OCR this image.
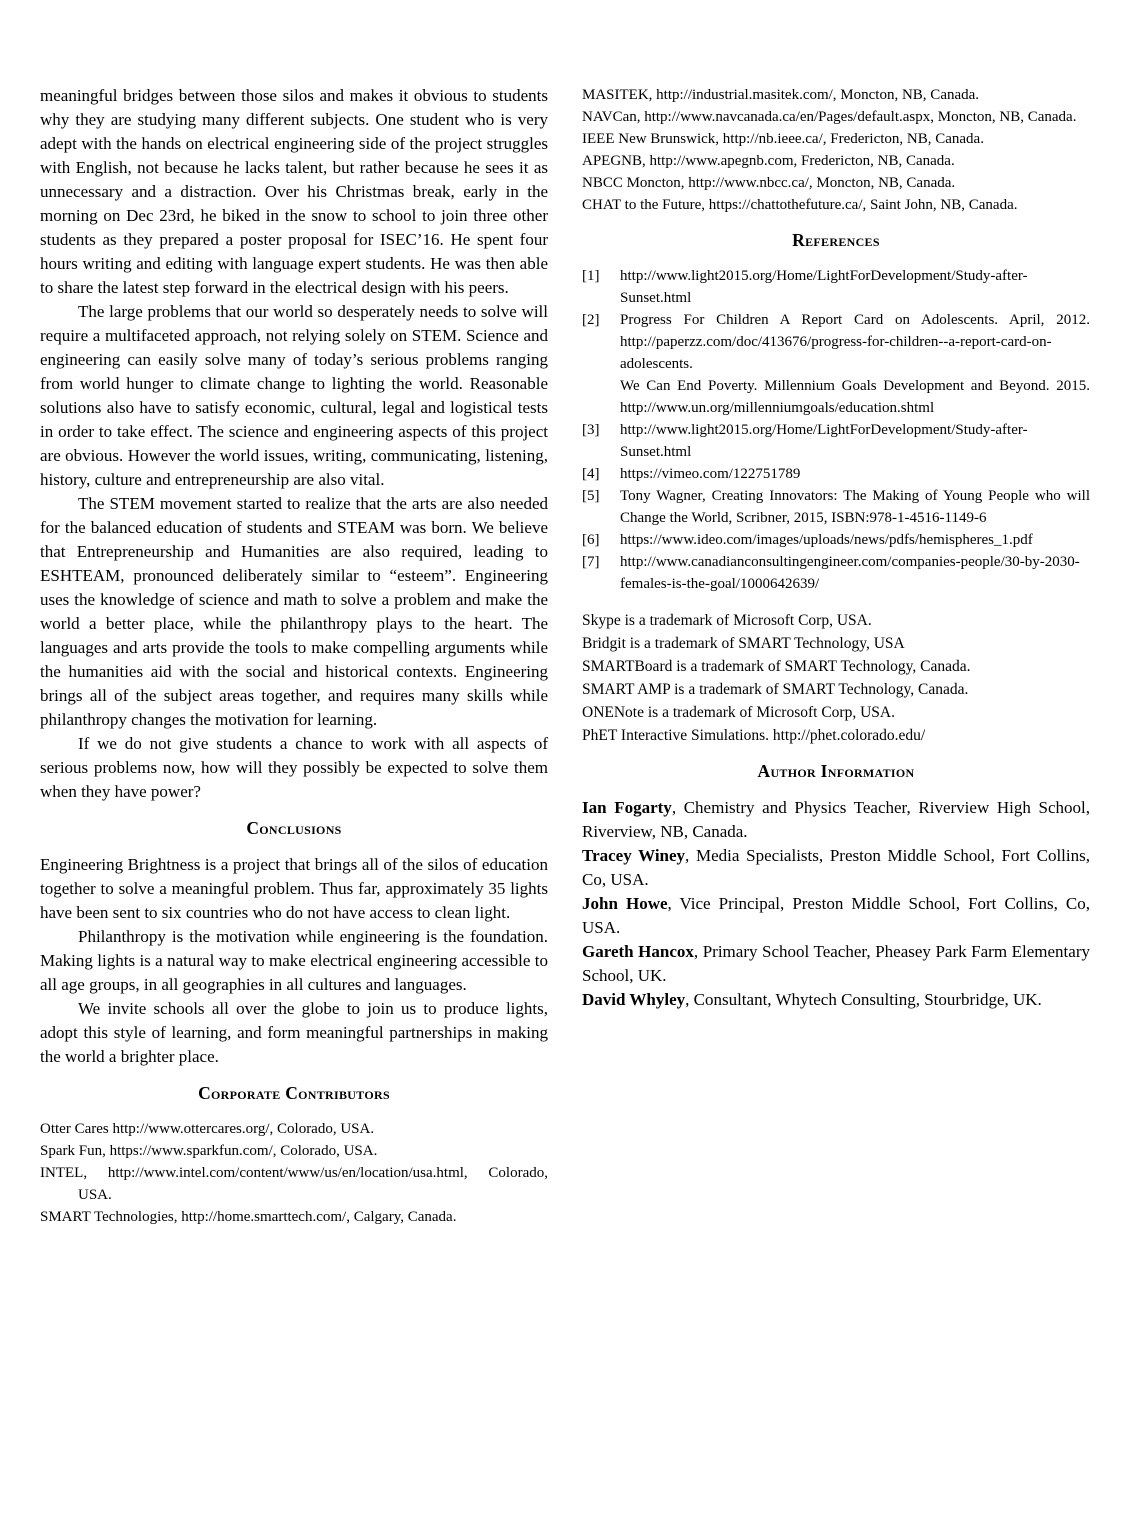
meaningful bridges between those silos and makes it obvious to students why they are studying many different subjects. One student who is very adept with the hands on electrical engineering side of the project struggles with English, not because he lacks talent, but rather because he sees it as unnecessary and a distraction. Over his Christmas break, early in the morning on Dec 23rd, he biked in the snow to school to join three other students as they prepared a poster proposal for ISEC’16. He spent four hours writing and editing with language expert students. He was then able to share the latest step forward in the electrical design with his peers.

The large problems that our world so desperately needs to solve will require a multifaceted approach, not relying solely on STEM. Science and engineering can easily solve many of today’s serious problems ranging from world hunger to climate change to lighting the world. Reasonable solutions also have to satisfy economic, cultural, legal and logistical tests in order to take effect. The science and engineering aspects of this project are obvious. However the world issues, writing, communicating, listening, history, culture and entrepreneurship are also vital.

The STEM movement started to realize that the arts are also needed for the balanced education of students and STEAM was born. We believe that Entrepreneurship and Humanities are also required, leading to ESHTEAM, pronounced deliberately similar to “esteem”. Engineering uses the knowledge of science and math to solve a problem and make the world a better place, while the philanthropy plays to the heart. The languages and arts provide the tools to make compelling arguments while the humanities aid with the social and historical contexts. Engineering brings all of the subject areas together, and requires many skills while philanthropy changes the motivation for learning.

If we do not give students a chance to work with all aspects of serious problems now, how will they possibly be expected to solve them when they have power?

Conclusions

Engineering Brightness is a project that brings all of the silos of education together to solve a meaningful problem. Thus far, approximately 35 lights have been sent to six countries who do not have access to clean light.

Philanthropy is the motivation while engineering is the foundation. Making lights is a natural way to make electrical engineering accessible to all age groups, in all geographies in all cultures and languages.

We invite schools all over the globe to join us to produce lights, adopt this style of learning, and form meaningful partnerships in making the world a brighter place.

Corporate Contributors

Otter Cares http://www.ottercares.org/, Colorado, USA.

Spark Fun, https://www.sparkfun.com/, Colorado, USA.

INTEL, http://www.intel.com/content/www/us/en/location/usa.html, Colorado, USA.

SMART Technologies, http://home.smarttech.com/, Calgary, Canada.

MASITEK, http://industrial.masitek.com/, Moncton, NB, Canada.

NAVCan, http://www.navcanada.ca/en/Pages/default.aspx, Moncton, NB, Canada.

IEEE New Brunswick, http://nb.ieee.ca/, Fredericton, NB, Canada.

APEGNB, http://www.apegnb.com, Fredericton, NB, Canada.

NBCC Moncton, http://www.nbcc.ca/, Moncton, NB, Canada.

CHAT to the Future, https://chattothefuture.ca/, Saint John, NB, Canada.

References
[1]	http://www.light2015.org/Home/LightForDevelopment/Study-after-Sunset.html
[2]	Progress For Children A Report Card on Adolescents. April, 2012. http://paperzz.com/doc/413676/progress-for-children--a-report-card-on-adolescents.
We Can End Poverty. Millennium Goals Development and Beyond. 2015. http://www.un.org/millenniumgoals/education.shtml
[3]	http://www.light2015.org/Home/LightForDevelopment/Study-after-Sunset.html
[4]	https://vimeo.com/122751789
[5]	Tony Wagner, Creating Innovators: The Making of Young People who will Change the World, Scribner, 2015, ISBN:978-1-4516-1149-6
[6]	https://www.ideo.com/images/uploads/news/pdfs/hemispheres_1.pdf
[7]	http://www.canadianconsultingengineer.com/companies-people/30-by-2030-females-is-the-goal/1000642639/

Skype is a trademark of Microsoft Corp, USA.

Bridgit is a trademark of SMART Technology, USA

SMARTBoard is a trademark of SMART Technology, Canada.

SMART AMP is a trademark of SMART Technology, Canada.

ONENote is a trademark of Microsoft Corp, USA.

PhET Interactive Simulations. http://phet.colorado.edu/

Author Information

Ian Fogarty, Chemistry and Physics Teacher, Riverview High School, Riverview, NB, Canada.

Tracey Winey, Media Specialists, Preston Middle School, Fort Collins, Co, USA.

John Howe, Vice Principal, Preston Middle School, Fort Collins, Co, USA.

Gareth Hancox, Primary School Teacher, Pheasey Park Farm Elementary School, UK.

David Whyley, Consultant, Whytech Consulting, Stourbridge, UK.
